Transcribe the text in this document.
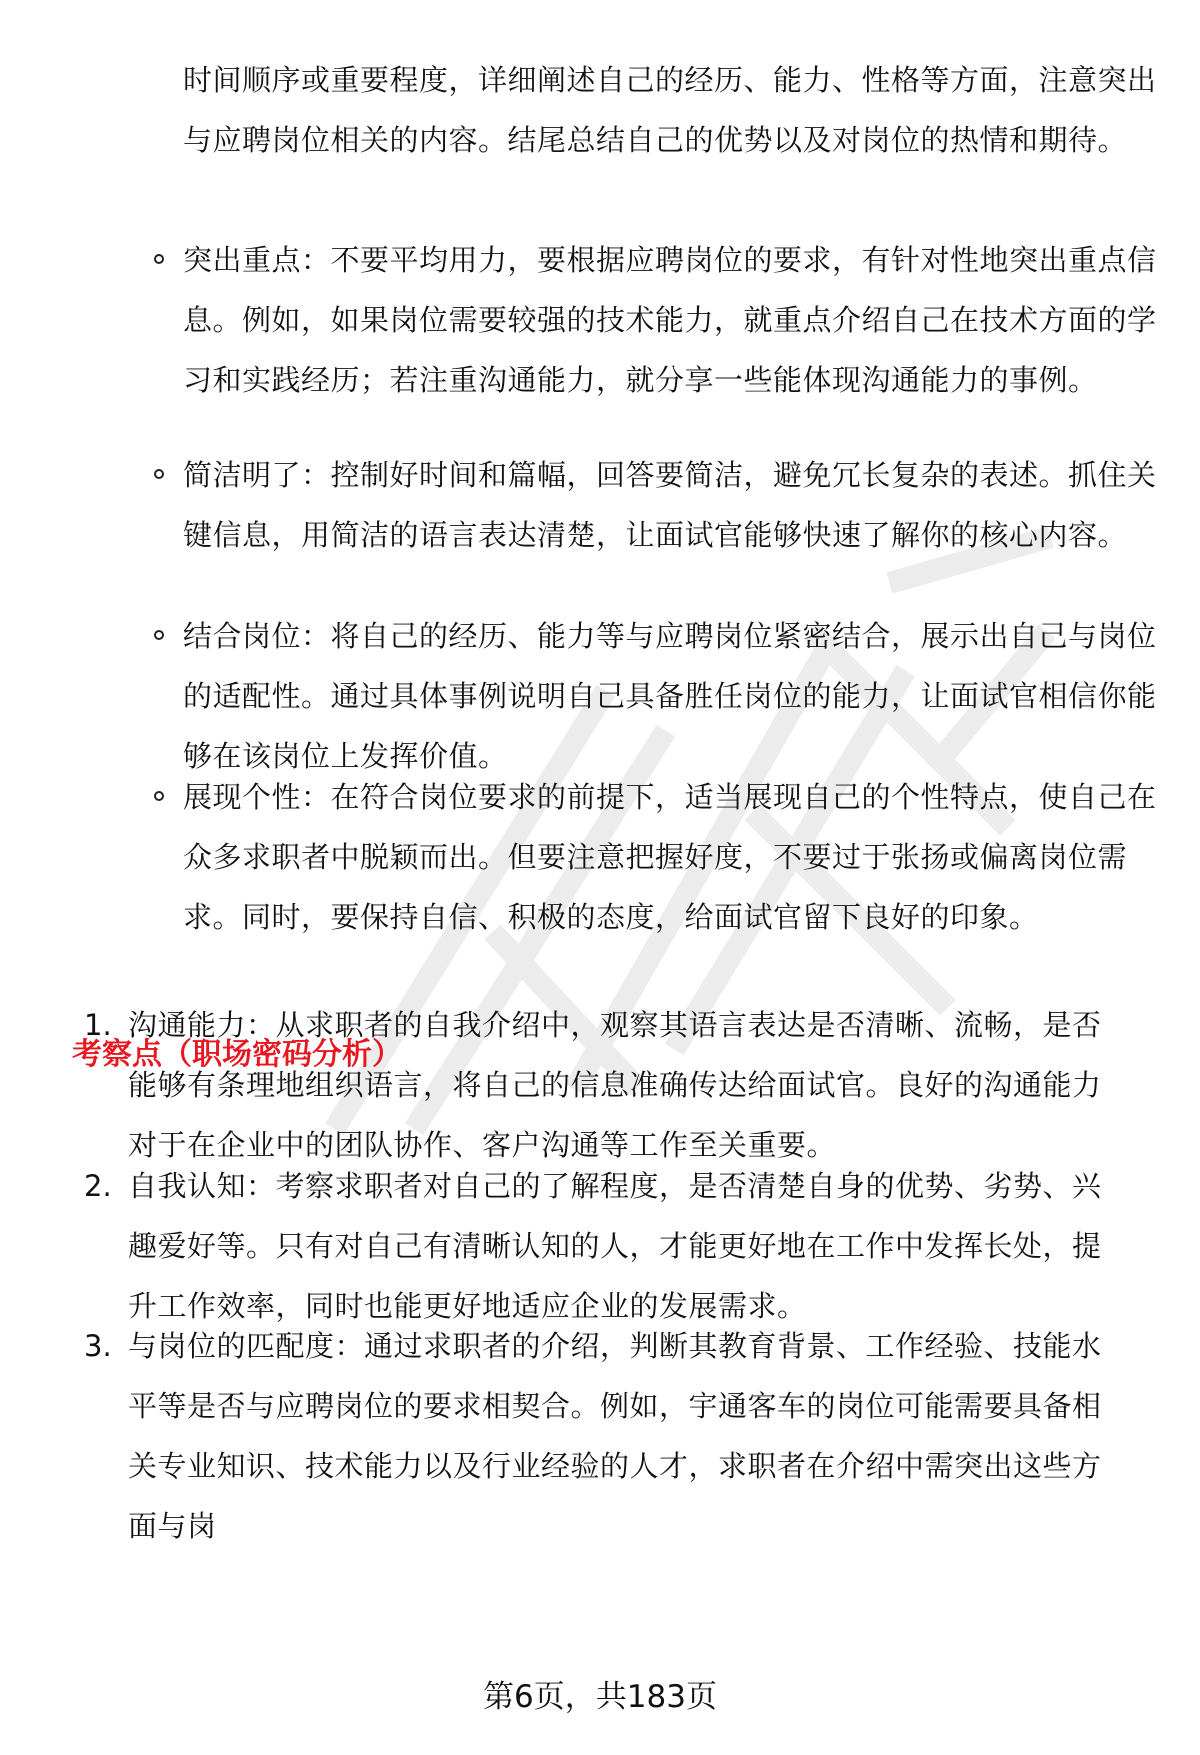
时间顺序或重要程度，详细阐述自己的经历、能力、性格等方面，注意突出与应聘岗位相关的内容。结尾总结自己的优势以及对岗位的热情和期待。
突出重点：不要平均用力，要根据应聘岗位的要求，有针对性地突出重点信息。例如，如果岗位需要较强的技术能力，就重点介绍自己在技术方面的学习和实践经历；若注重沟通能力，就分享一些能体现沟通能力的事例。
简洁明了：控制好时间和篇幅，回答要简洁，避免冗长复杂的表述。抓住关键信息，用简洁的语言表达清楚，让面试官能够快速了解你的核心内容。
结合岗位：将自己的经历、能力等与应聘岗位紧密结合，展示出自己与岗位的适配性。通过具体事例说明自己具备胜任岗位的能力，让面试官相信你能够在该岗位上发挥价值。
展现个性：在符合岗位要求的前提下，适当展现自己的个性特点，使自己在众多求职者中脱颖而出。但要注意把握好度，不要过于张扬或偏离岗位需求。同时，要保持自信、积极的态度，给面试官留下良好的印象。
考察点（职场密码分析）
1. 沟通能力：从求职者的自我介绍中，观察其语言表达是否清晰、流畅，是否能够有条理地组织语言，将自己的信息准确传达给面试官。良好的沟通能力对于在企业中的团队协作、客户沟通等工作至关重要。
2. 自我认知：考察求职者对自己的了解程度，是否清楚自身的优势、劣势、兴趣爱好等。只有对自己有清晰认知的人，才能更好地在工作中发挥长处，提升工作效率，同时也能更好地适应企业的发展需求。
3. 与岗位的匹配度：通过求职者的介绍，判断其教育背景、工作经验、技能水平等是否与应聘岗位的要求相契合。例如，宇通客车的岗位可能需要具备相关专业知识、技术能力以及行业经验的人才，求职者在介绍中需突出这些方面与岗
第6页，共183页
